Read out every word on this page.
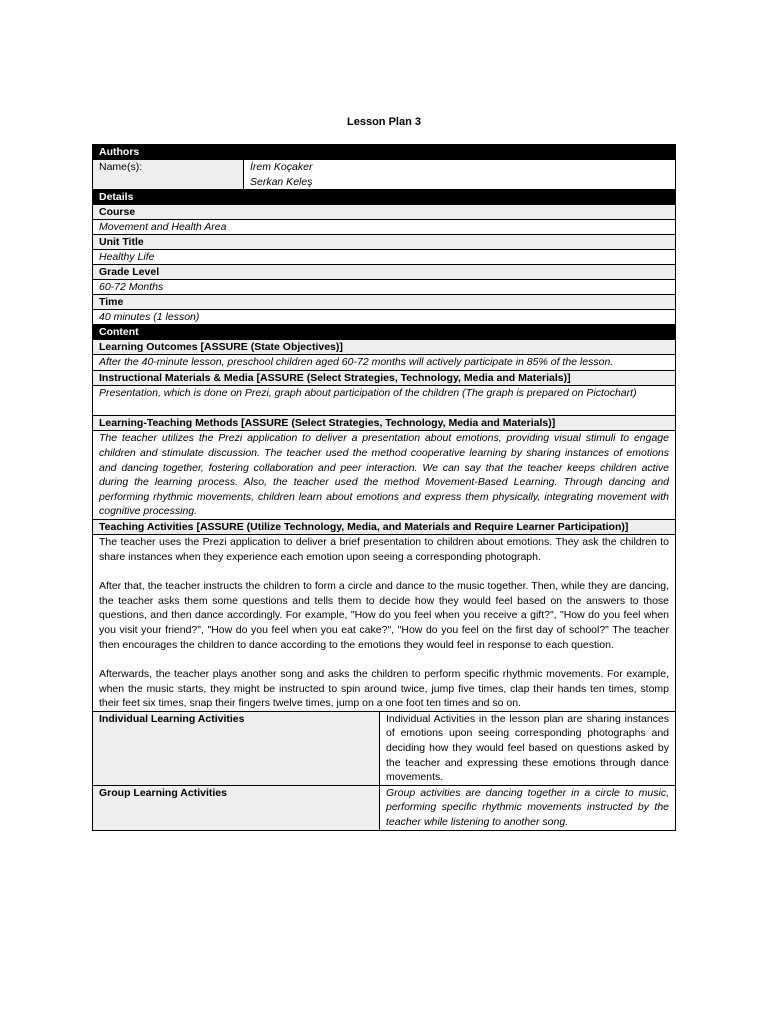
Lesson Plan 3
Authors
Name(s):	İrem Koçaker
Serkan Keleş
Details
Course
Movement and Health Area
Unit Title
Healthy Life
Grade Level
60-72 Months
Time
40 minutes (1 lesson)
Content
Learning Outcomes [ASSURE (State Objectives)]
After the 40-minute lesson, preschool children aged 60-72 months will actively participate in 85% of the lesson.
Instructional Materials & Media [ASSURE (Select Strategies, Technology, Media and Materials)]
Presentation, which is done on Prezi, graph about participation of the children (The graph is prepared on Pictochart)
Learning-Teaching Methods [ASSURE (Select Strategies, Technology, Media and Materials)]
The teacher utilizes the Prezi application to deliver a presentation about emotions, providing visual stimuli to engage children and stimulate discussion. The teacher used the method cooperative learning by sharing instances of emotions and dancing together, fostering collaboration and peer interaction. We can say that the teacher keeps children active during the learning process. Also, the teacher used the method Movement-Based Learning. Through dancing and performing rhythmic movements, children learn about emotions and express them physically, integrating movement with cognitive processing.
Teaching Activities [ASSURE (Utilize Technology, Media, and Materials and Require Learner Participation)]

The teacher uses the Prezi application to deliver a brief presentation to children about emotions. They ask the children to share instances when they experience each emotion upon seeing a corresponding photograph.

After that, the teacher instructs the children to form a circle and dance to the music together. Then, while they are dancing, the teacher asks them some questions and tells them to decide how they would feel based on the answers to those questions, and then dance accordingly. For example, "How do you feel when you receive a gift?", "How do you feel when you visit your friend?", "How do you feel when you eat cake?", "How do you feel on the first day of school?" The teacher then encourages the children to dance according to the emotions they would feel in response to each question.

Afterwards, the teacher plays another song and asks the children to perform specific rhythmic movements. For example, when the music starts, they might be instructed to spin around twice, jump five times, clap their hands ten times, stomp their feet six times, snap their fingers twelve times, jump on a one foot ten times and so on.

Individual Learning Activities	Individual Activities in the lesson plan are sharing instances of emotions upon seeing corresponding photographs and deciding how they would feel based on questions asked by the teacher and expressing these emotions through dance movements.
Group Learning Activities	Group activities are dancing together in a circle to music, performing specific rhythmic movements instructed by the teacher while listening to another song.
